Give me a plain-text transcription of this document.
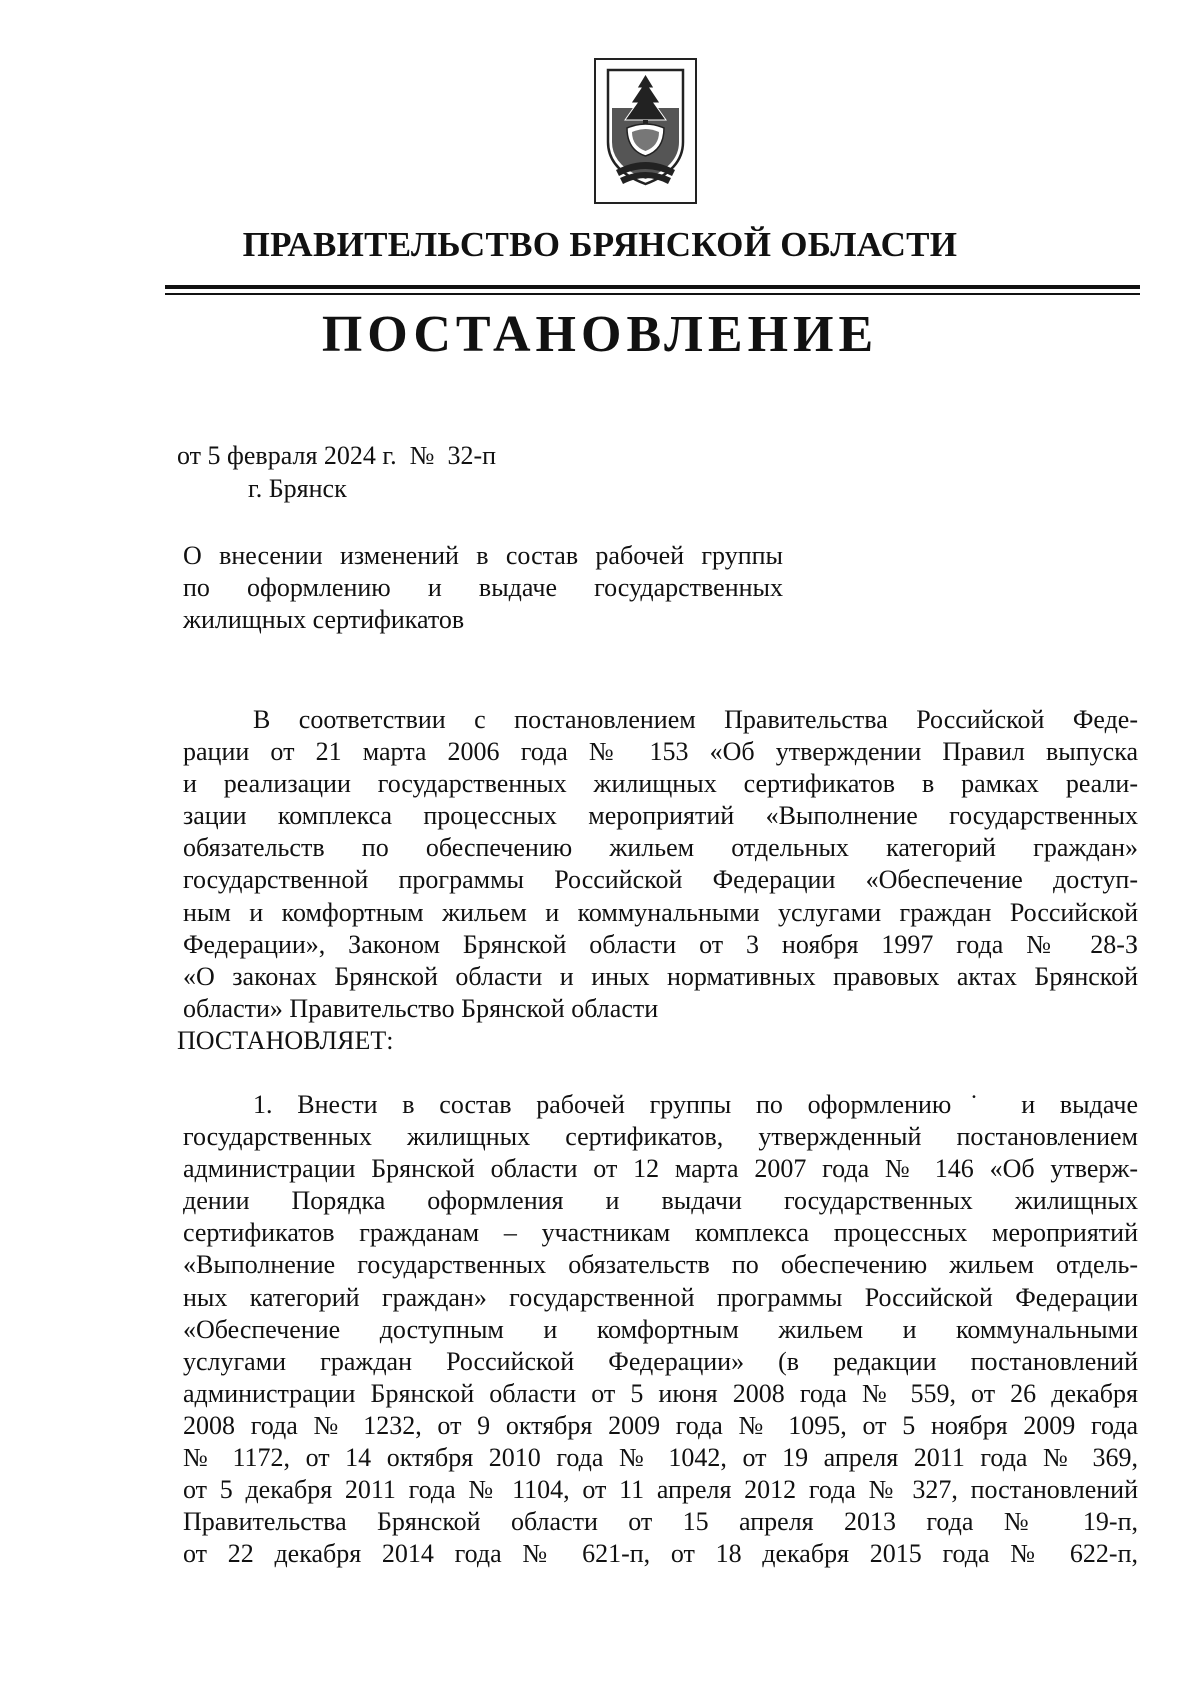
ПРАВИТЕЛЬСТВО БРЯНСКОЙ ОБЛАСТИ
ПОСТАНОВЛЕНИЕ
от 5 февраля 2024 г. № 32-п
г. Брянск
О внесении изменений в состав рабочей группы
по оформлению и выдаче государственных
жилищных сертификатов
В соответствии с постановлением Правительства Российской Феде-
рации от 21 марта 2006 года № 153 «Об утверждении Правил выпуска
и реализации государственных жилищных сертификатов в рамках реали-
зации комплекса процессных мероприятий «Выполнение государственных
обязательств по обеспечению жильем отдельных категорий граждан»
государственной программы Российской Федерации «Обеспечение доступ-
ным и комфортным жильем и коммунальными услугами граждан Российской
Федерации», Законом Брянской области от 3 ноября 1997 года № 28-З
«О законах Брянской области и иных нормативных правовых актах Брянской
области» Правительство Брянской области
ПОСТАНОВЛЯЕТ:
1. Внести в состав рабочей группы по оформлению˙ и выдаче
государственных жилищных сертификатов, утвержденный постановлением
администрации Брянской области от 12 марта 2007 года № 146 «Об утверж-
дении Порядка оформления и выдачи государственных жилищных
сертификатов гражданам – участникам комплекса процессных мероприятий
«Выполнение государственных обязательств по обеспечению жильем отдель-
ных категорий граждан» государственной программы Российской Федерации
«Обеспечение доступным и комфортным жильем и коммунальными
услугами граждан Российской Федерации» (в редакции постановлений
администрации Брянской области от 5 июня 2008 года № 559, от 26 декабря
2008 года № 1232, от 9 октября 2009 года № 1095, от 5 ноября 2009 года
№ 1172, от 14 октября 2010 года № 1042, от 19 апреля 2011 года № 369,
от 5 декабря 2011 года № 1104, от 11 апреля 2012 года № 327, постановлений
Правительства Брянской области от 15 апреля 2013 года № 19-п,
от 22 декабря 2014 года № 621-п, от 18 декабря 2015 года № 622-п,
